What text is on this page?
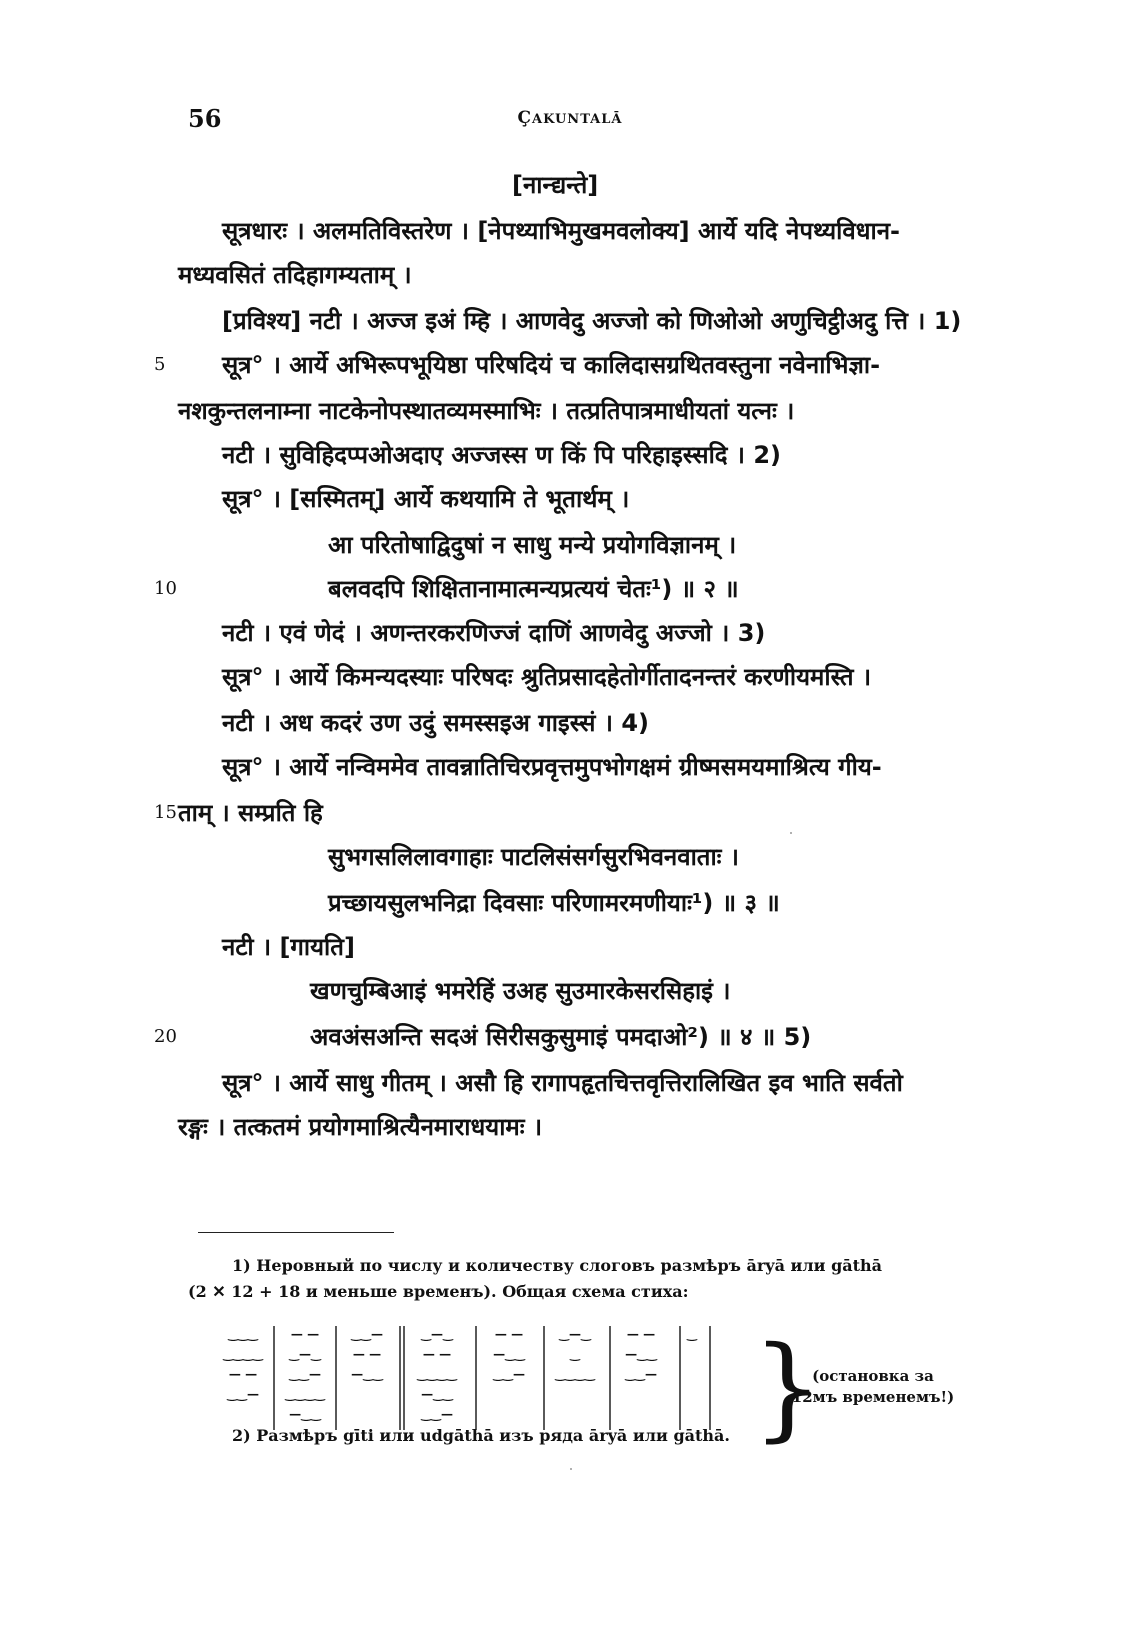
56	ÇAKUNTALĀ
[नान्द्यन्ते]
सूत्रधारः । अलमतिविस्तरेण । [नेपथ्याभिमुखमवलोक्य] आर्ये यदि नेपथ्यविधान-
मध्यवसितं तदिहागम्यताम् ।
[प्रविश्य] नटी । अज्ज इअं म्हि । आणवेदु अज्जो को णिओओ अणुचिट्ठीअदु त्ति । 1)
सूत्र° । आर्ये अभिरूपभूयिष्ठा परिषदियं च कालिदासग्रथितवस्तुना नवेनाभिज्ञा-
5
नशकुन्तलनाम्ना नाटकेनोपस्थातव्यमस्माभिः । तत्प्रतिपात्रमाधीयतां यत्नः ।
नटी । सुविहिदप्पओअदाए अज्जस्स ण किं पि परिहाइस्सदि । 2)
सूत्र° । [सस्मितम्] आर्ये कथयामि ते भूतार्थम् ।
आ परितोषाद्विदुषां न साधु मन्ये प्रयोगविज्ञानम् ।
बलवदपि शिक्षितानामात्मन्यप्रत्ययं चेतः¹) ॥ २ ॥
10
नटी । एवं णेदं । अणन्तरकरणिज्जं दाणिं आणवेदु अज्जो । 3)
सूत्र° । आर्ये किमन्यदस्याः परिषदः श्रुतिप्रसादहेतोर्गीतादनन्तरं करणीयमस्ति ।
नटी । अध कदरं उण उदुं समस्सइअ गाइस्सं । 4)
सूत्र° । आर्ये नन्विममेव तावन्नातिचिरप्रवृत्तमुपभोगक्षमं ग्रीष्मसमयमाश्रित्य गीय-
ताम् । सम्प्रति हि
15
सुभगसलिलावगाहाः पाटलिसंसर्गसुरभिवनवाताः ।
प्रच्छायसुलभनिद्रा दिवसाः परिणामरमणीयाः¹) ॥ ३ ॥
नटी । [गायति]
खणचुम्बिआइं भमरेहिं उअह सुउमारकेसरसिहाइं ।
अवअंसअन्ति सदअं सिरीसकुसुमाइं पमदाओ²) ॥ ४ ॥ 5)
20
सूत्र° । आर्ये साधु गीतम् । असौ हि रागापहृतचित्तवृत्तिरालिखित इव भाति सर्वतो
रङ्गः । तत्कतमं प्रयोगमाश्रित्यैनमाराधयामः ।
1) Неровный по числу и количеству слоговъ размѣръ āryā или gāthā
(2 ✕ 12 + 18 и меньше временъ). Общая схема стиха:
‿‿‿
‿‿‿‿
— —
‿‿—
— —
‿—‿
‿‿—
‿‿‿‿
—‿‿
‿‿—
— —
—‿‿
‿—‿
— —
‿‿‿‿
—‿‿
‿‿—
— —
—‿‿
‿‿—
‿—‿
‿
‿‿‿‿
— —
—‿‿
‿‿—
‿ }
(остановка за 12мъ временемъ!)
2) Размѣръ gīti или udgāthā изъ ряда āryā или gāthā.
